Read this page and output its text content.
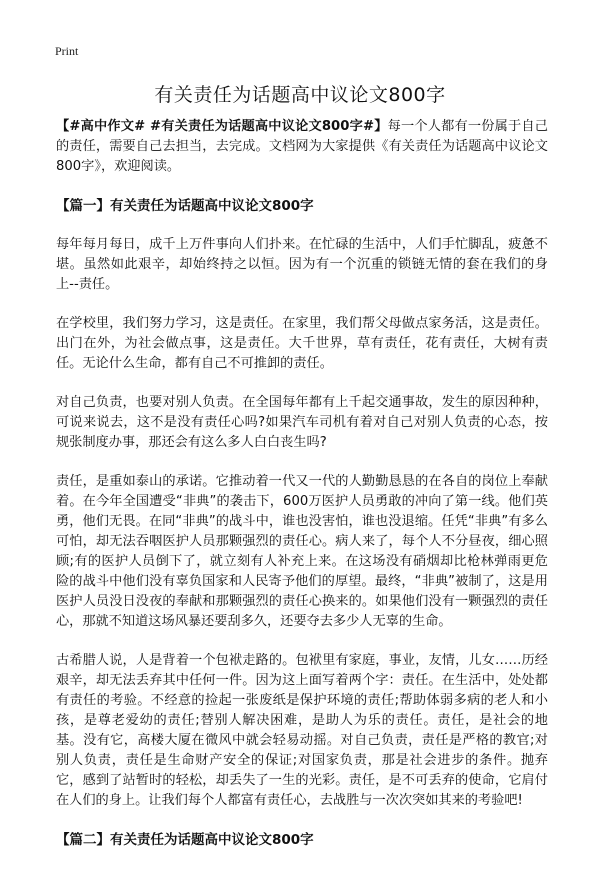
Print
有关责任为话题高中议论文800字

【#高中作文# #有关责任为话题高中议论文800字#】每一个人都有一份属于自己的责任，需要自己去担当，去完成。文档网为大家提供《有关责任为话题高中议论文800字》，欢迎阅读。

【篇一】有关责任为话题高中议论文800字

每年每月每日，成千上万件事向人们扑来。在忙碌的生活中，人们手忙脚乱，疲惫不堪。虽然如此艰辛，却始终持之以恒。因为有一个沉重的锁链无情的套在我们的身上--责任。

在学校里，我们努力学习，这是责任。在家里，我们帮父母做点家务活，这是责任。出门在外，为社会做点事，这是责任。大千世界，草有责任，花有责任，大树有责任。无论什么生命，都有自己不可推卸的责任。

对自己负责，也要对别人负责。在全国每年都有上千起交通事故，发生的原因种种，可说来说去，这不是没有责任心吗?如果汽车司机有着对自己对别人负责的心态，按规张制度办事，那还会有这么多人白白丧生吗?

责任，是重如泰山的承诺。它推动着一代又一代的人勤勤恳恳的在各自的岗位上奉献着。在今年全国遭受“非典”的袭击下，600万医护人员勇敢的冲向了第一线。他们英勇，他们无畏。在同“非典”的战斗中，谁也没害怕，谁也没退缩。任凭“非典”有多么可怕，却无法吞咽医护人员那颗强烈的责任心。病人来了，每个人不分昼夜，细心照顾;有的医护人员倒下了，就立刻有人补充上来。在这场没有硝烟却比枪林弹雨更危险的战斗中他们没有辜负国家和人民寄予他们的厚望。最终，“非典”被制了，这是用医护人员没日没夜的奉献和那颗强烈的责任心换来的。如果他们没有一颗强烈的责任心，那就不知道这场风暴还要刮多久，还要夺去多少人无辜的生命。

古希腊人说，人是背着一个包袱走路的。包袱里有家庭，事业，友情，儿女……历经艰辛，却无法丢弃其中任何一件。因为这上面写着两个字：责任。在生活中，处处都有责任的考验。不经意的捡起一张废纸是保护环境的责任;帮助体弱多病的老人和小孩，是尊老爱幼的责任;替别人解决困难，是助人为乐的责任。责任，是社会的地基。没有它，高楼大厦在微风中就会轻易动摇。对自己负责，责任是严格的教官;对别人负责，责任是生命财产安全的保证;对国家负责，那是社会进步的条件。抛弃它，感到了站暂时的轻松，却丢失了一生的光彩。责任，是不可丢弃的使命，它肩付在人们的身上。让我们每个人都富有责任心，去战胜与一次次突如其来的考验吧!

【篇二】有关责任为话题高中议论文800字
